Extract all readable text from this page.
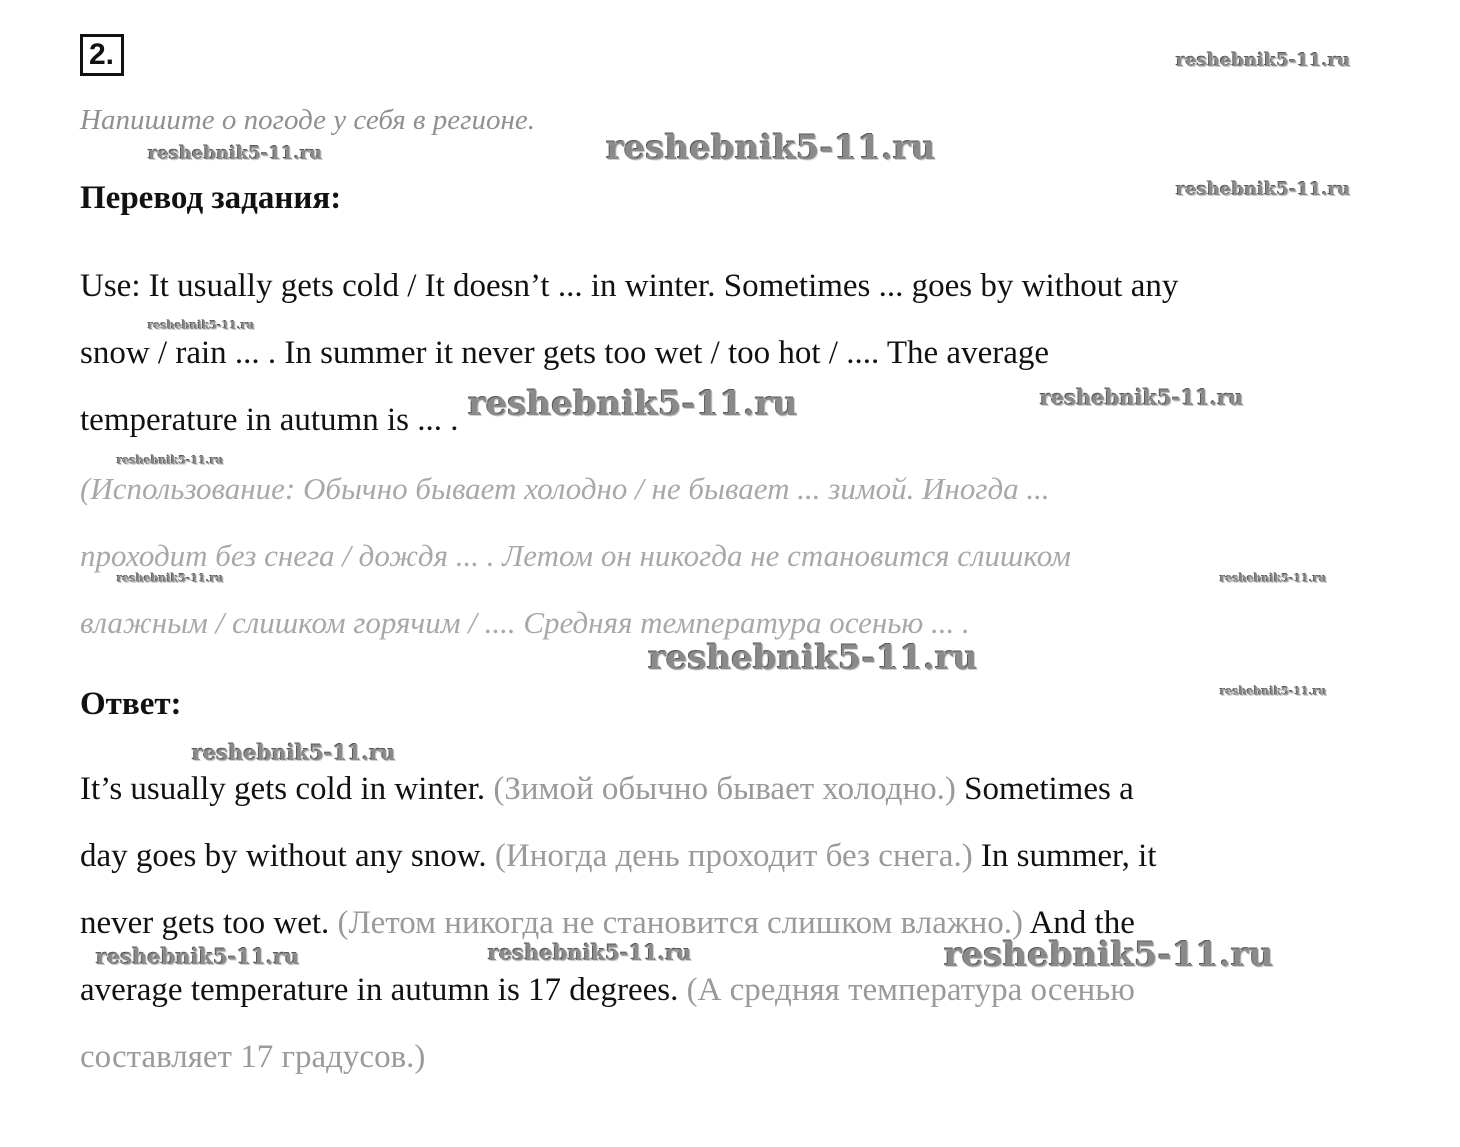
2.
Напишите о погоде у себя в регионе.
Перевод задания:
Use: It usually gets cold / It doesn’t ... in winter. Sometimes ... goes by without any
snow / rain ... . In summer it never gets too wet / too hot / .... The average
temperature in autumn is ... .
(Использование: Обычно бывает холодно / не бывает ... зимой. Иногда ...
проходит без снега / дождя ... . Летом он никогда не становится слишком
влажным / слишком горячим / .... Средняя температура осенью ... .
Ответ:
It’s usually gets cold in winter. (Зимой обычно бывает холодно.) Sometimes a
day goes by without any snow. (Иногда день проходит без снега.) In summer, it
never gets too wet. (Летом никогда не становится слишком влажно.) And the
average temperature in autumn is 17 degrees. (А средняя температура осенью
составляет 17 градусов.)
reshebnik5-11.ru
reshebnik5-11.ru	reshebnik5-11.ru
reshebnik5-11.ru
reshebnik5-11.ru
reshebnik5-11.ru	reshebnik5-11.ru
reshebnik5-11.ru
reshebnik5-11.ru	reshebnik5-11.ru
reshebnik5-11.ru
reshebnik5-11.ru
reshebnik5-11.ru
reshebnik5-11.ru	reshebnik5-11.ru	reshebnik5-11.ru
